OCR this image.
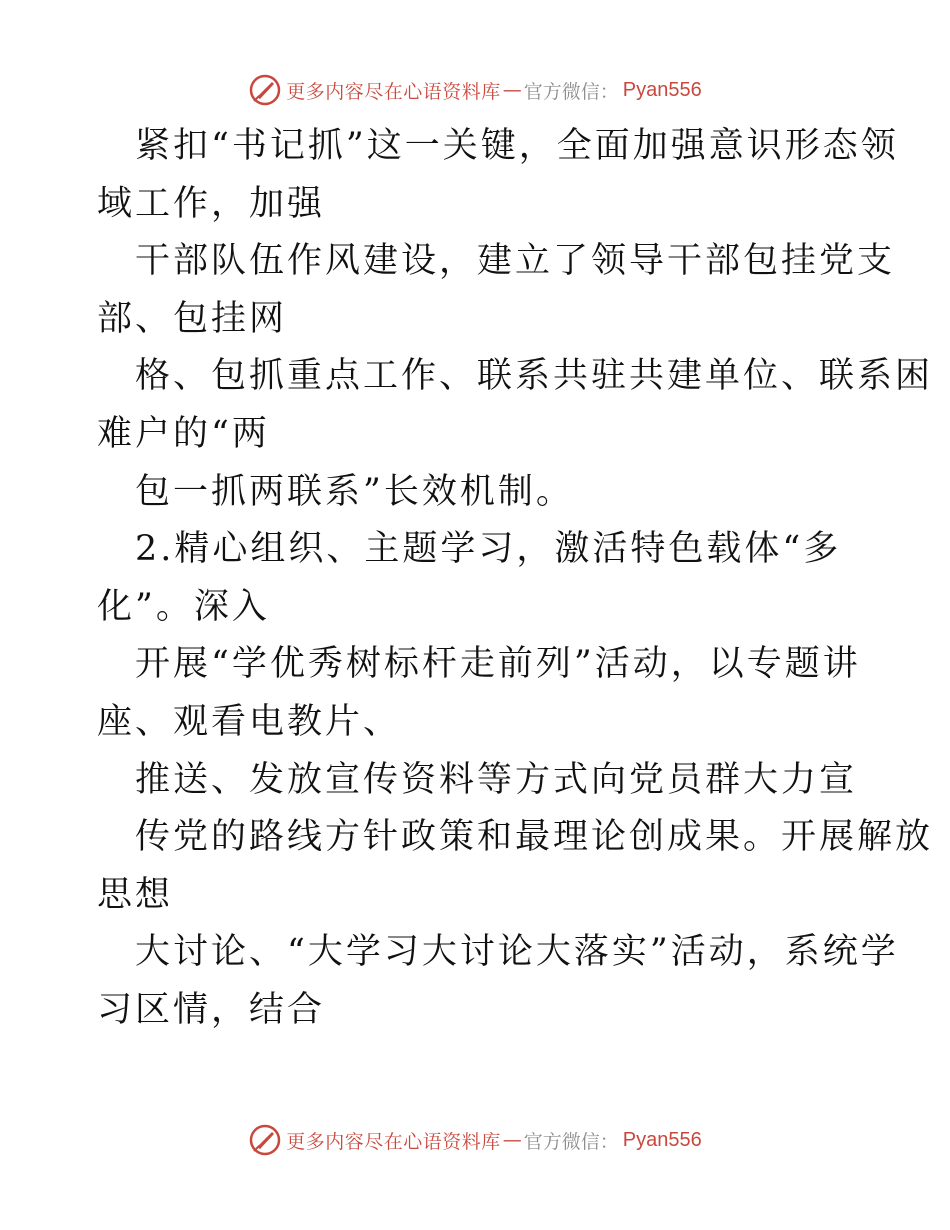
更多内容尽在心语资料库 — 官方微信： Pyan556
紧扣“书记抓”这一关键，全面加强意识形态领
域工作，加强
干部队伍作风建设，建立了领导干部包挂党支
部、包挂网
格、包抓重点工作、联系共驻共建单位、联系困
难户的“两
包一抓两联系”长效机制。
2.精心组织、主题学习，激活特色载体“多
化”。深入
开展“学优秀树标杆走前列”活动，以专题讲
座、观看电教片、
推送、发放宣传资料等方式向党员群大力宣
传党的路线方针政策和最理论创成果。开展解放
思想
大讨论、“大学习大讨论大落实”活动，系统学
习区情，结合
更多内容尽在心语资料库 — 官方微信： Pyan556
